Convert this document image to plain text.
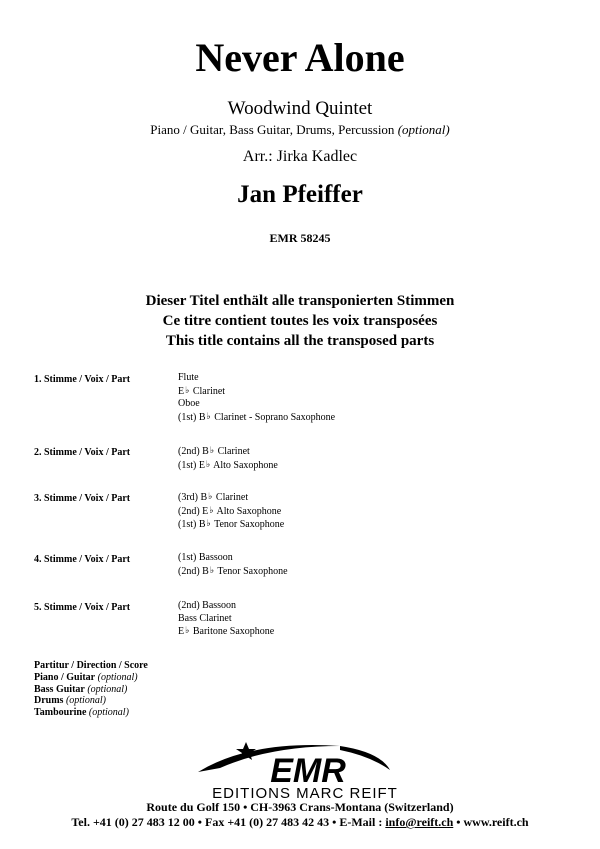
Never Alone
Woodwind Quintet
Piano / Guitar, Bass Guitar, Drums, Percussion (optional)
Arr.: Jirka Kadlec
Jan Pfeiffer
EMR 58245
Dieser Titel enthält alle transponierten Stimmen
Ce titre contient toutes les voix transposées
This title contains all the transposed parts
1. Stimme / Voix / Part	Flute
E♭ Clarinet
Oboe
(1st) B♭ Clarinet - Soprano Saxophone
2. Stimme / Voix / Part	(2nd) B♭ Clarinet
(1st) E♭ Alto Saxophone
3. Stimme / Voix / Part	(3rd) B♭ Clarinet
(2nd) E♭ Alto Saxophone
(1st) B♭ Tenor Saxophone
4. Stimme / Voix / Part	(1st) Bassoon
(2nd) B♭ Tenor Saxophone
5. Stimme / Voix / Part	(2nd) Bassoon
Bass Clarinet
E♭ Baritone Saxophone
Partitur / Direction / Score
Piano / Guitar (optional)
Bass Guitar (optional)
Drums (optional)
Tambourine (optional)
EMR
EDITIONS MARC REIFT
Route du Golf 150 • CH-3963 Crans-Montana (Switzerland)
Tel. +41 (0) 27 483 12 00 • Fax +41 (0) 27 483 42 43 • E-Mail : info@reift.ch • www.reift.ch
